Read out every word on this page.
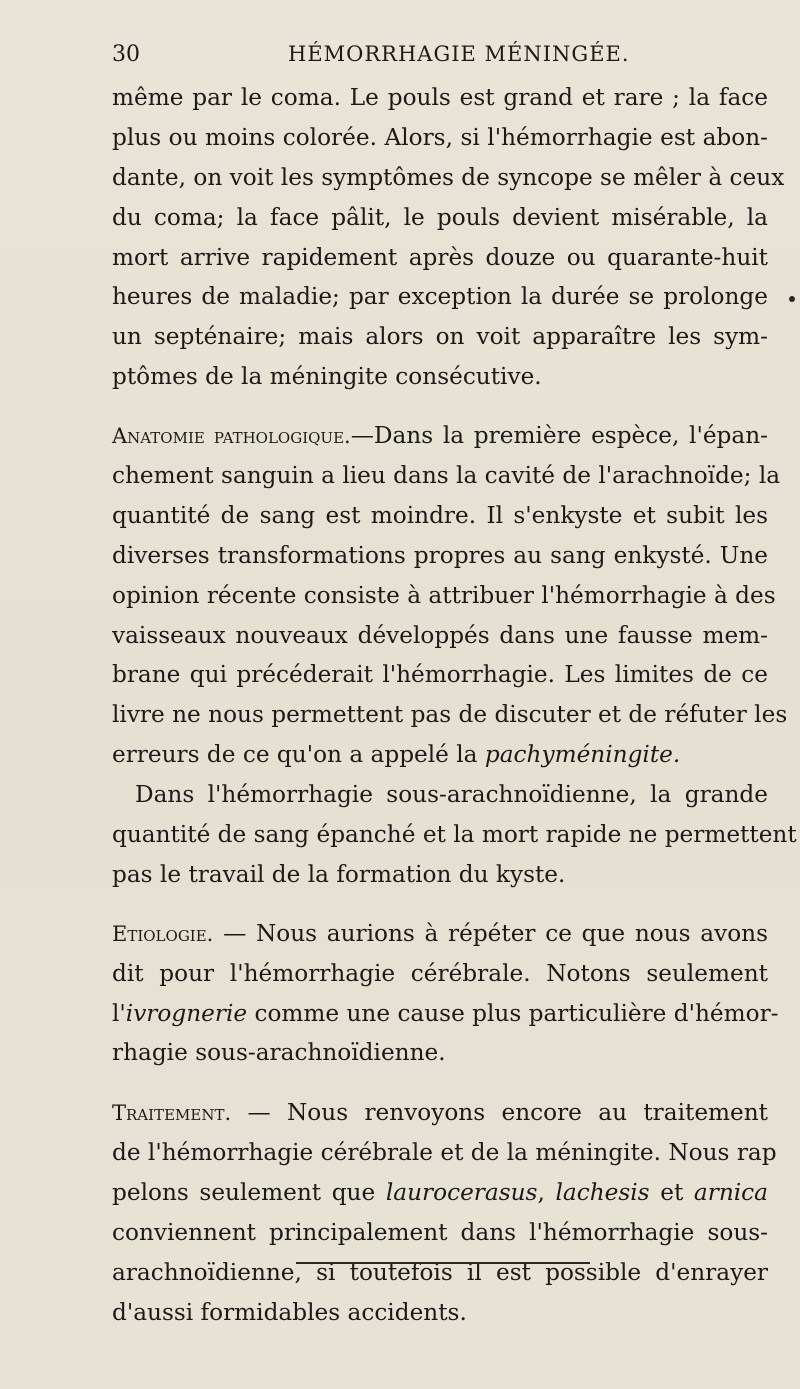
30	HÉMORRHAGIE MÉNINGÉE.
même par le coma. Le pouls est grand et rare ; la face
plus ou moins colorée. Alors, si l'hémorrhagie est abon-
dante, on voit les symptômes de syncope se mêler à ceux
du coma; la face pâlit, le pouls devient misérable, la
mort arrive rapidement après douze ou quarante-huit
heures de maladie; par exception la durée se prolonge
un septénaire; mais alors on voit apparaître les sym-
ptômes de la méningite consécutive.
Anatomie pathologique.—Dans la première espèce, l'épan-
chement sanguin a lieu dans la cavité de l'arachnoïde; la
quantité de sang est moindre. Il s'enkyste et subit les
diverses transformations propres au sang enkysté. Une
opinion récente consiste à attribuer l'hémorrhagie à des
vaisseaux nouveaux développés dans une fausse mem-
brane qui précéderait l'hémorrhagie. Les limites de ce
livre ne nous permettent pas de discuter et de réfuter les
erreurs de ce qu'on a appelé la pachyméningite.
Dans l'hémorrhagie sous-arachnoïdienne, la grande
quantité de sang épanché et la mort rapide ne permettent
pas le travail de la formation du kyste.
Etiologie. — Nous aurions à répéter ce que nous avons
dit pour l'hémorrhagie cérébrale. Notons seulement
l'ivrognerie comme une cause plus particulière d'hémor-
rhagie sous-arachnoïdienne.
Traitement. — Nous renvoyons encore au traitement
de l'hémorrhagie cérébrale et de la méningite. Nous rap
pelons seulement que laurocerasus, lachesis et arnica
conviennent principalement dans l'hémorrhagie sous-
arachnoïdienne, si toutefois il est possible d'enrayer
d'aussi formidables accidents.
